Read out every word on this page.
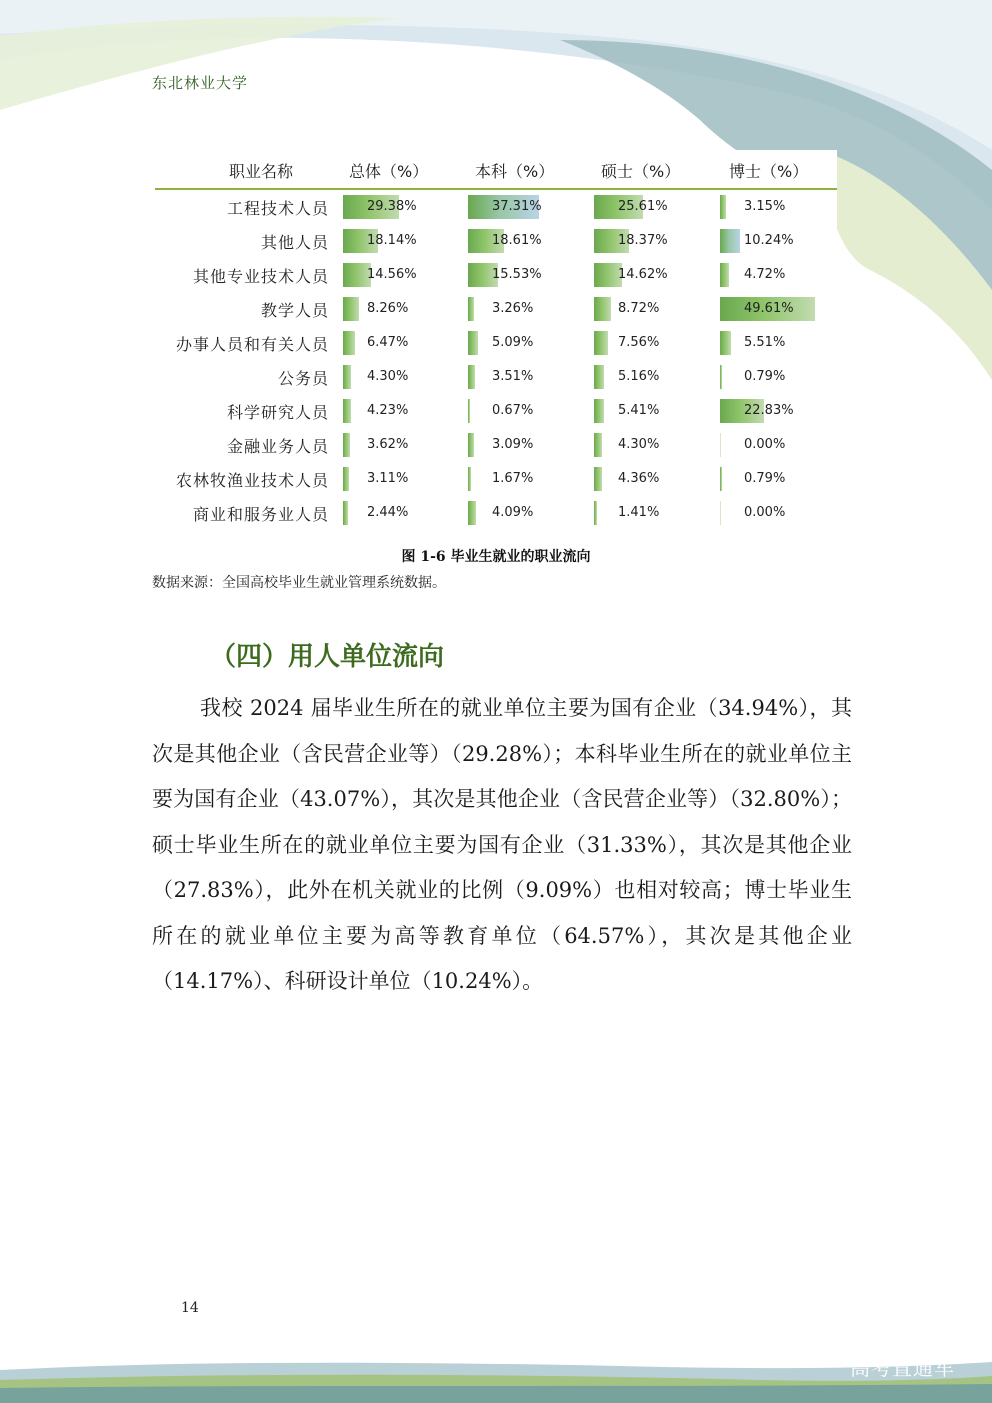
东北林业大学
职业名称	总体（%）	本科（%）	硕士（%）	博士（%）
工程技术人员	29.38%	37.31%	25.61%	3.15%
其他人员	18.14%	18.61%	18.37%	10.24%
其他专业技术人员	14.56%	15.53%	14.62%	4.72%
教学人员	8.26%	3.26%	8.72%	49.61%
办事人员和有关人员	6.47%	5.09%	7.56%	5.51%
公务员	4.30%	3.51%	5.16%	0.79%
科学研究人员	4.23%	0.67%	5.41%	22.83%
金融业务人员	3.62%	3.09%	4.30%	0.00%
农林牧渔业技术人员	3.11%	1.67%	4.36%	0.79%
商业和服务业人员	2.44%	4.09%	1.41%	0.00%
图 1-6 毕业生就业的职业流向
数据来源：全国高校毕业生就业管理系统数据。
（四）用人单位流向
我校 2024 届毕业生所在的就业单位主要为国有企业（34.94%），其次是其他企业（含民营企业等）（29.28%）；本科毕业生所在的就业单位主要为国有企业（43.07%），其次是其他企业（含民营企业等）（32.80%）；硕士毕业生所在的就业单位主要为国有企业（31.33%），其次是其他企业（27.83%），此外在机关就业的比例（9.09%）也相对较高；博士毕业生所在的就业单位主要为高等教育单位（64.57%），其次是其他企业（14.17%）、科研设计单位（10.24%）。
14
高考直通车
